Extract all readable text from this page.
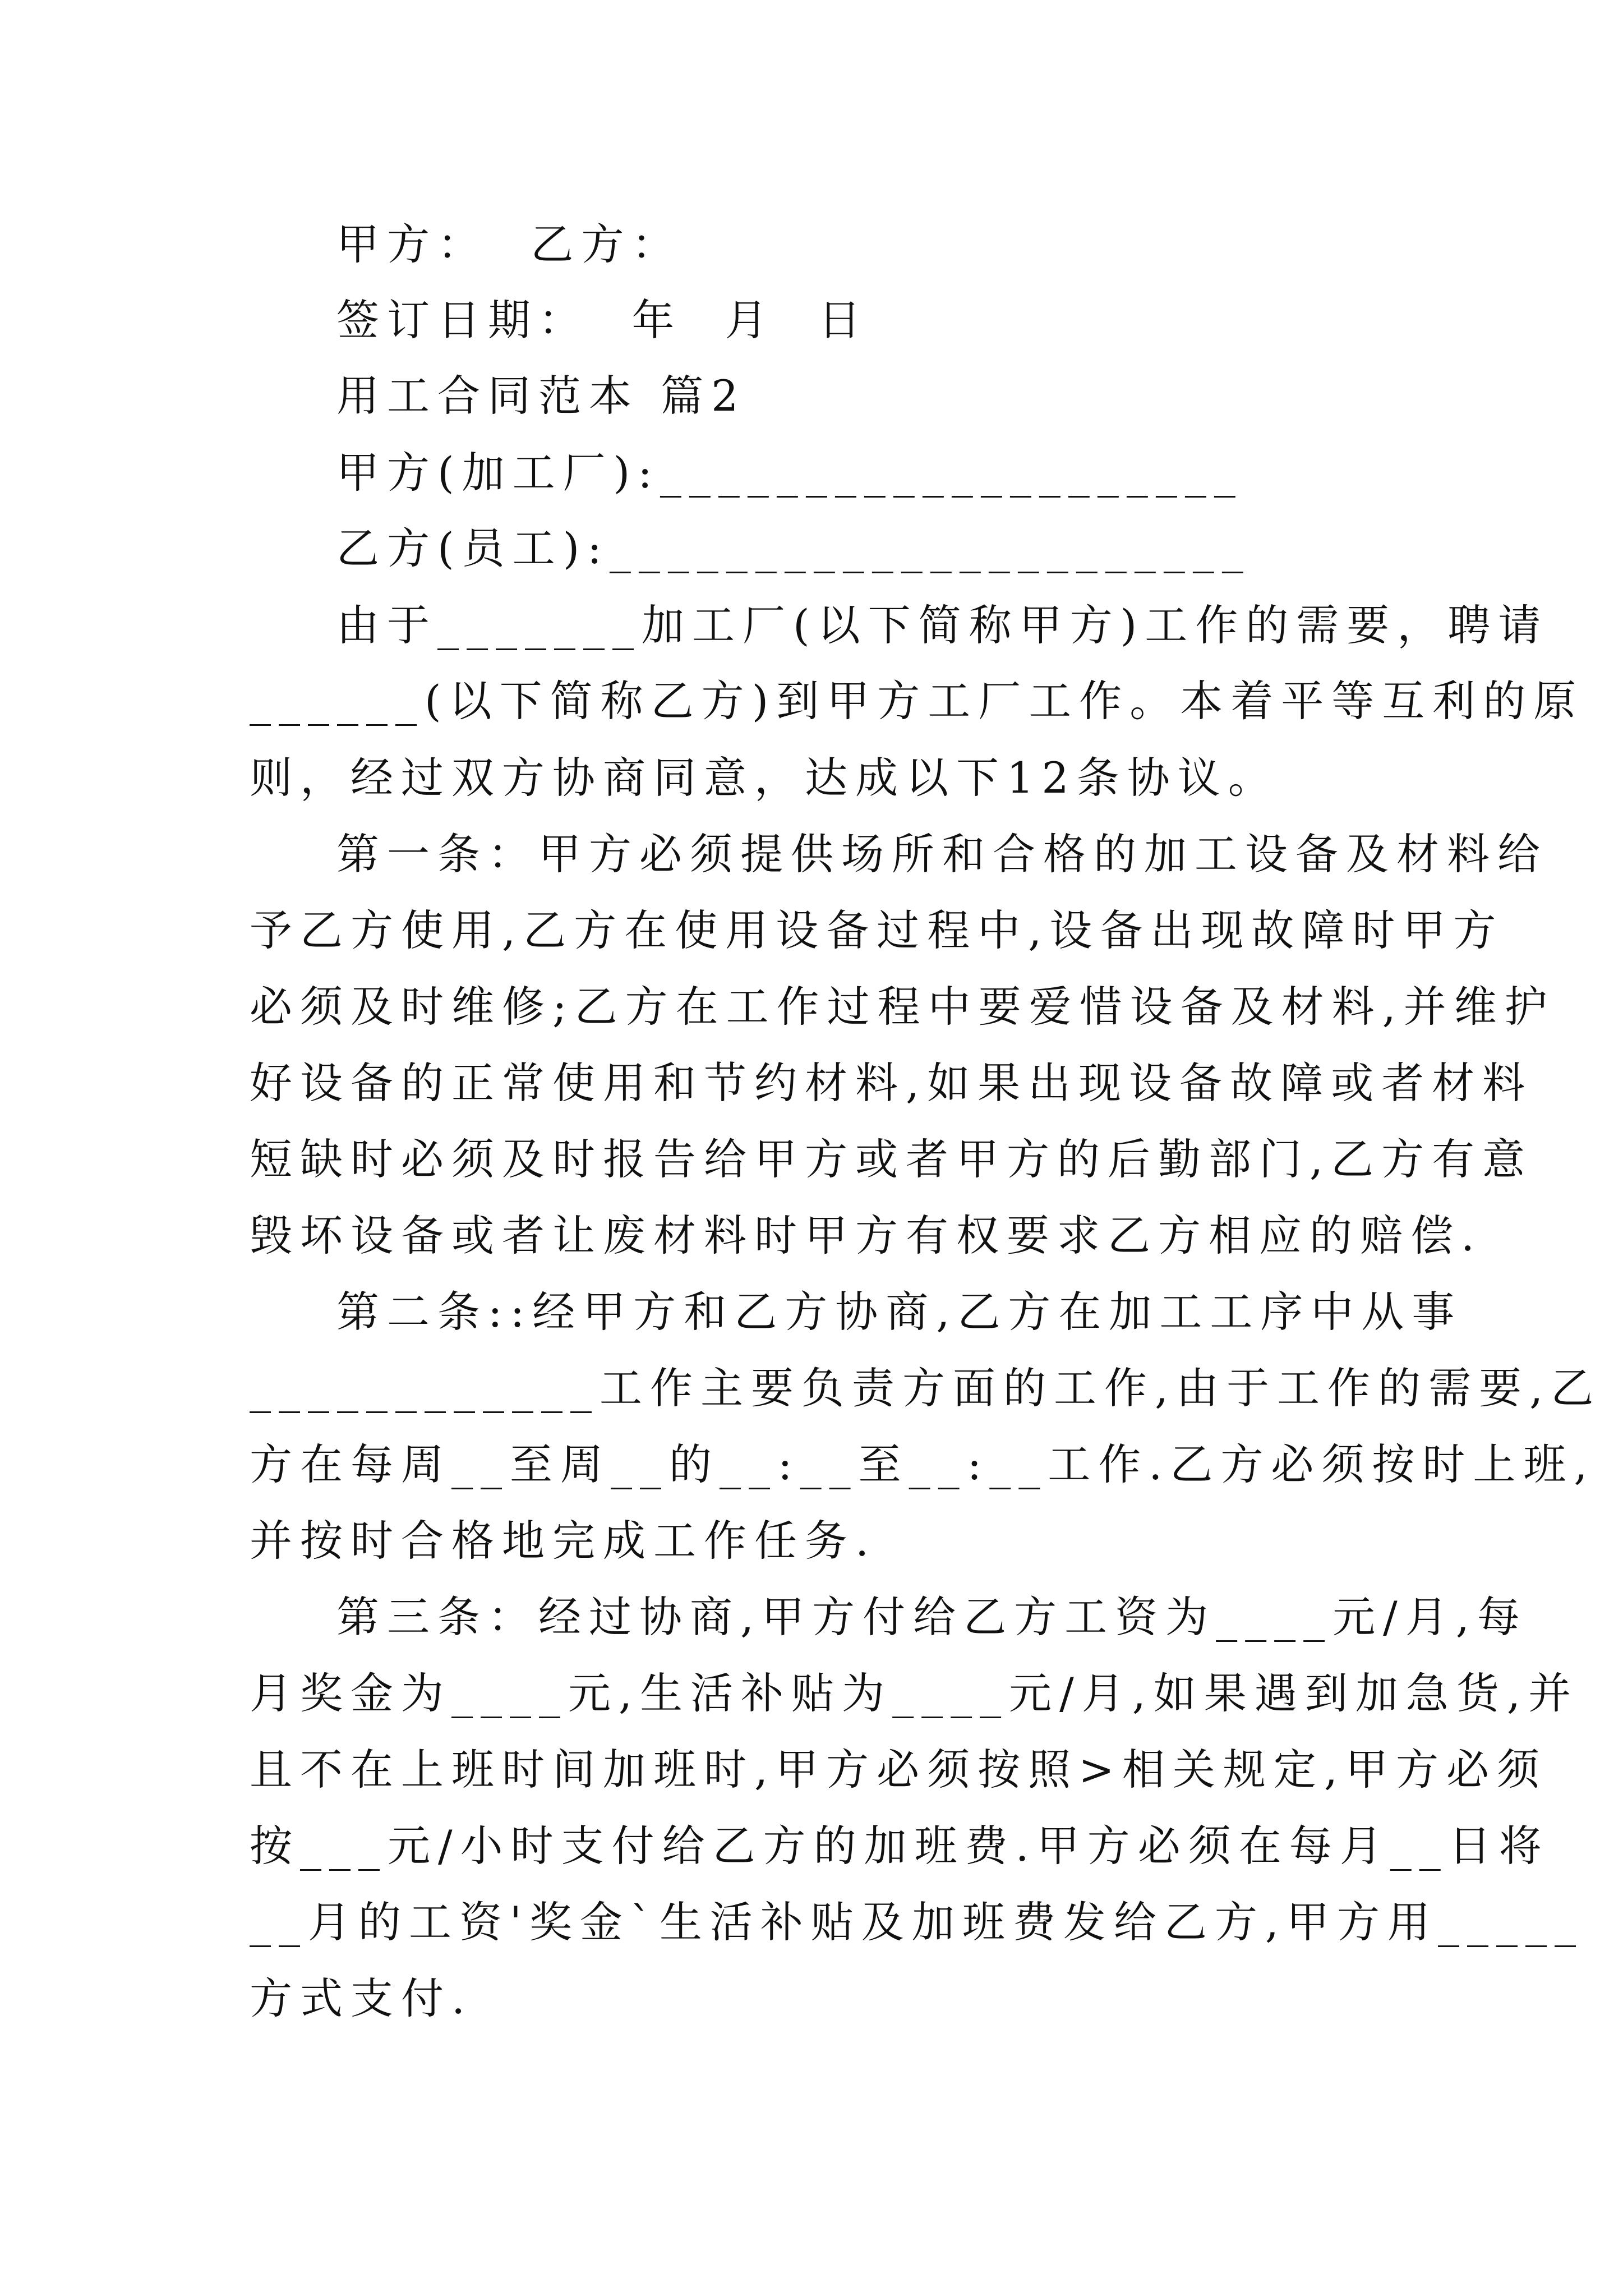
甲方：  乙方：
签订日期：  年  月  日
用工合同范本 篇2
甲方(加工厂):____________________
乙方(员工):______________________
由于_______加工厂(以下简称甲方)工作的需要，聘请
______(以下简称乙方)到甲方工厂工作。本着平等互利的原
则，经过双方协商同意，达成以下12条协议。
第一条：甲方必须提供场所和合格的加工设备及材料给
予乙方使用,乙方在使用设备过程中,设备出现故障时甲方
必须及时维修;乙方在工作过程中要爱惜设备及材料,并维护
好设备的正常使用和节约材料,如果出现设备故障或者材料
短缺时必须及时报告给甲方或者甲方的后勤部门,乙方有意
毁坏设备或者让废材料时甲方有权要求乙方相应的赔偿.
第二条::经甲方和乙方协商,乙方在加工工序中从事
____________工作主要负责方面的工作,由于工作的需要,乙
方在每周__至周__的__:__至__:__工作.乙方必须按时上班,
并按时合格地完成工作任务.
第三条：经过协商,甲方付给乙方工资为____元/月,每
月奖金为____元,生活补贴为____元/月,如果遇到加急货,并
且不在上班时间加班时,甲方必须按照>相关规定,甲方必须
按___元/小时支付给乙方的加班费.甲方必须在每月__日将
__月的工资'奖金`生活补贴及加班费发给乙方,甲方用_____
方式支付.
